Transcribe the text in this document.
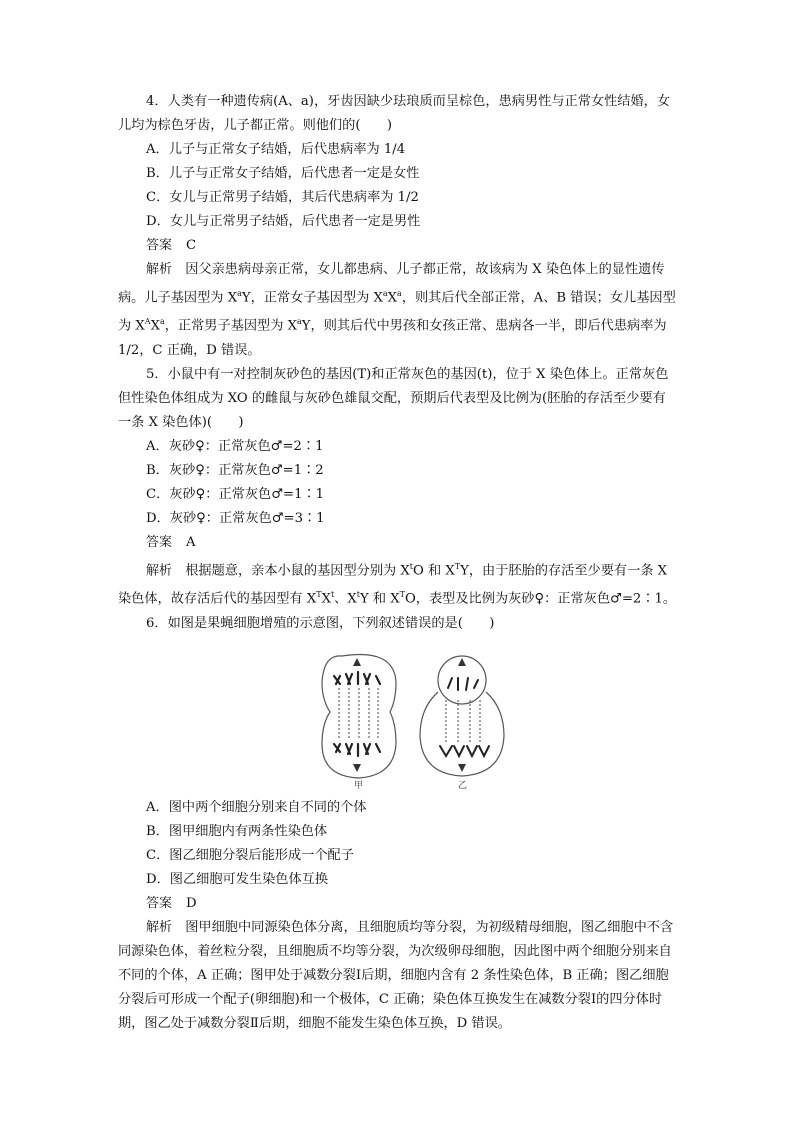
4．人类有一种遗传病(A、a)，牙齿因缺少珐琅质而呈棕色，患病男性与正常女性结婚，女儿均为棕色牙齿，儿子都正常。则他们的(　　)

A．儿子与正常女子结婚，后代患病率为 1/4

B．儿子与正常女子结婚，后代患者一定是女性

C．女儿与正常男子结婚，其后代患病率为 1/2

D．女儿与正常男子结婚，后代患者一定是男性

答案 C

解析　 因父亲患病母亲正常，女儿都患病、儿子都正常，故该病为 X 染色体上的显性遗传病。儿子基因型为 $X^aY$，正常女子基因型为 $X^aX^a$，则其后代全部正常，A、B 错误；女儿基因型为 $X^AX^a$，正常男子基因型为 $X^aY$，则其后代中男孩和女孩正常、患病各一半，即后代患病率为 1/2，C 正确，D 错误。

5．小鼠中有一对控制灰砂色的基因(T)和正常灰色的基因(t)，位于 X 染色体上。正常灰色但性染色体组成为 XO 的雌鼠与灰砂色雄鼠交配，预期后代表型及比例为(胚胎的存活至少要有一条 X 染色体)(　　)

A．灰砂♀：正常灰色♂=2∶1

B．灰砂♀：正常灰色♂=1∶2

C．灰砂♀：正常灰色♂=1∶1

D．灰砂♀：正常灰色♂=3∶1

答案 A

解析　 根据题意，亲本小鼠的基因型分别为 $X^tO$ 和 $X^TY$，由于胚胎的存活至少要有一条 X 染色体，故存活后代的基因型有 $X^TX^t$、$X^tY$ 和 $X^TO$，表型及比例为灰砂♀：正常灰色♂=2∶1。

6．如图是果蝇细胞增殖的示意图，下列叙述错误的是(　　)

甲	乙

A．图中两个细胞分别来自不同的个体

B．图甲细胞内有两条性染色体

C．图乙细胞分裂后能形成一个配子

D．图乙细胞可发生染色体互换

答案 D

解析　 图甲细胞中同源染色体分离，且细胞质均等分裂，为初级精母细胞，图乙细胞中不含同源染色体，着丝粒分裂，且细胞质不均等分裂，为次级卵母细胞，因此图中两个细胞分别来自不同的个体，A 正确；图甲处于减数分裂Ⅰ后期，细胞内含有 2 条性染色体，B 正确；图乙细胞分裂后可形成一个配子(卵细胞)和一个极体，C 正确；染色体互换发生在减数分裂Ⅰ的四分体时期，图乙处于减数分裂Ⅱ后期，细胞不能发生染色体互换，D 错误。
